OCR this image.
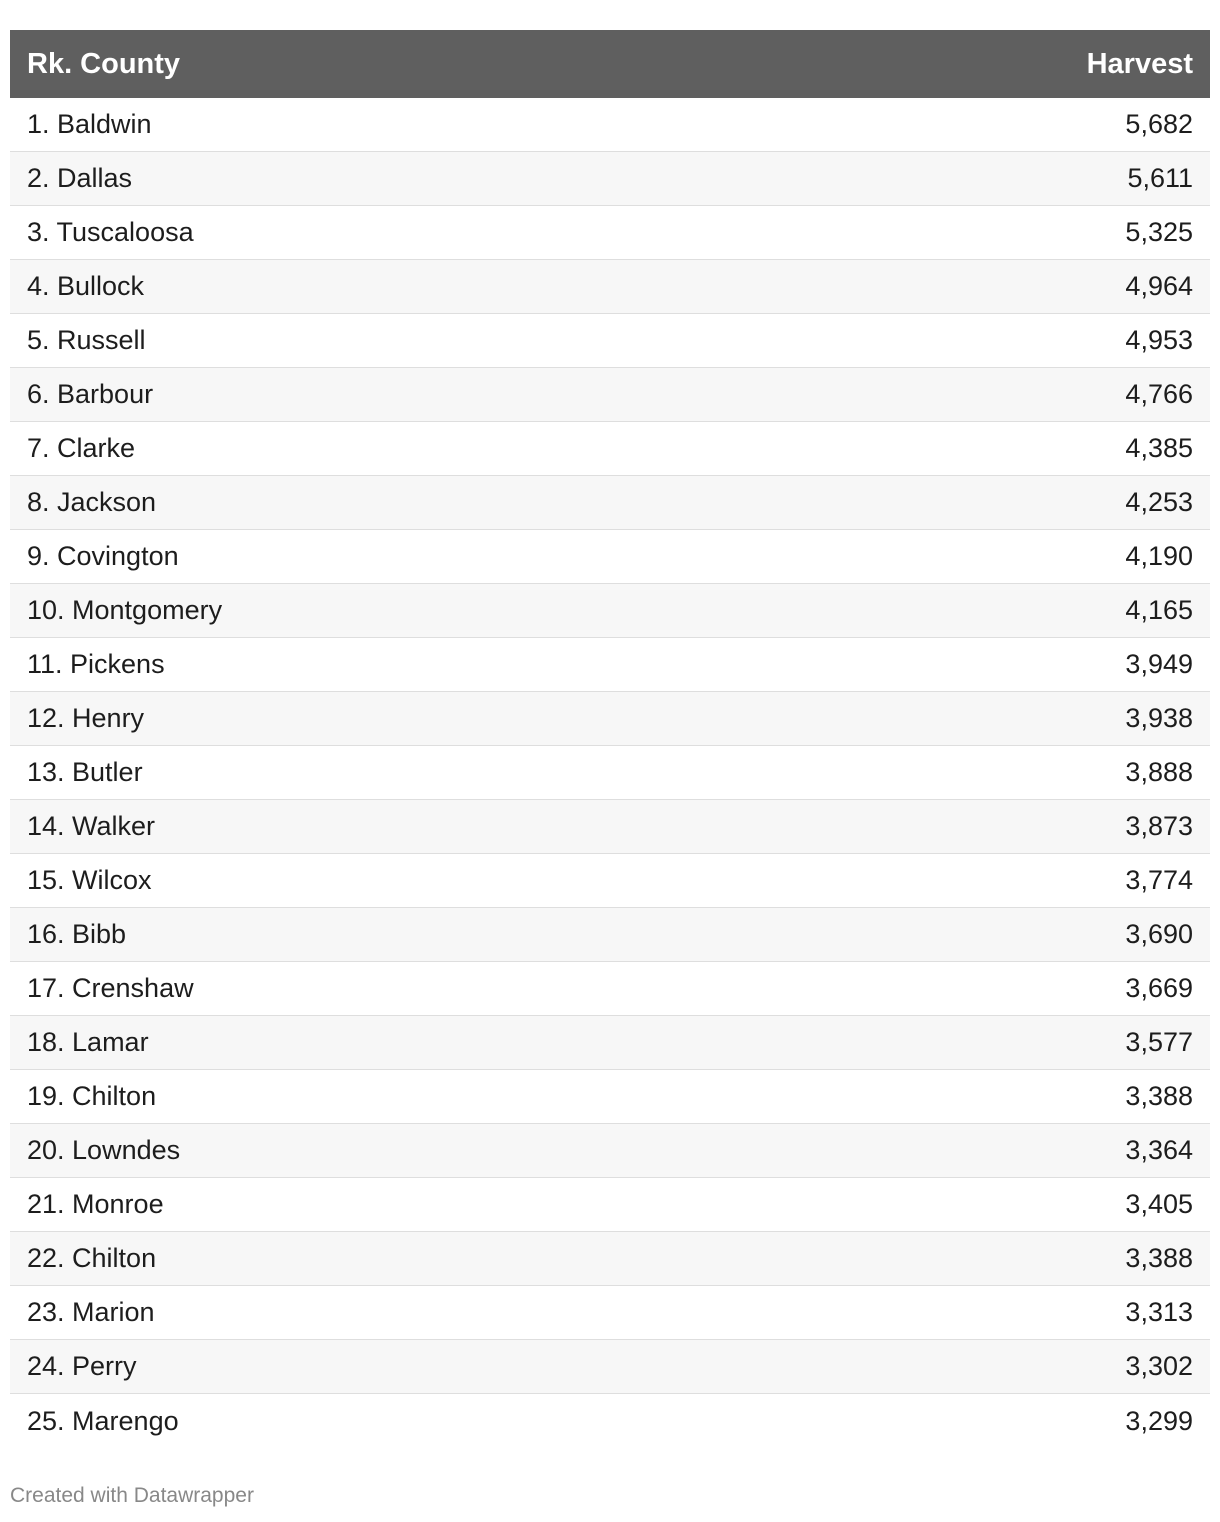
Rk. County	Harvest
1. Baldwin	5,682
2. Dallas	5,611
3. Tuscaloosa	5,325
4. Bullock	4,964
5. Russell	4,953
6. Barbour	4,766
7. Clarke	4,385
8. Jackson	4,253
9. Covington	4,190
10. Montgomery	4,165
11. Pickens	3,949
12. Henry	3,938
13. Butler	3,888
14. Walker	3,873
15. Wilcox	3,774
16. Bibb	3,690
17. Crenshaw	3,669
18. Lamar	3,577
19. Chilton	3,388
20. Lowndes	3,364
21. Monroe	3,405
22. Chilton	3,388
23. Marion	3,313
24. Perry	3,302
25. Marengo	3,299
Created with Datawrapper
